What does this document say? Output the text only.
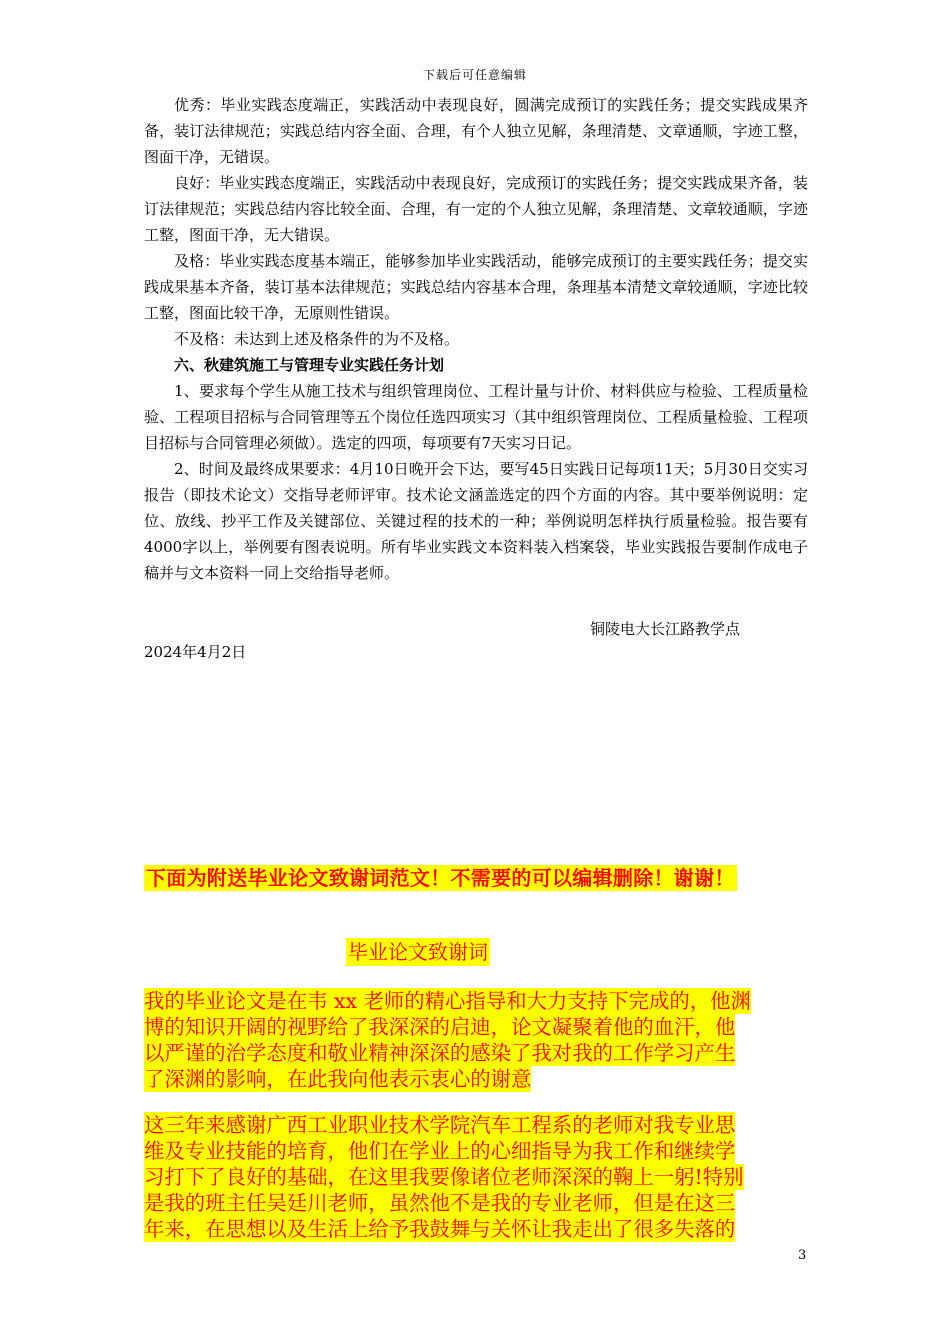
下载后可任意编辑

优秀：毕业实践态度端正，实践活动中表现良好，圆满完成预订的实践任务；提交实践成果齐备，装订法律规范；实践总结内容全面、合理，有个人独立见解，条理清楚、文章通顺，字迹工整，图面干净，无错误。

良好：毕业实践态度端正，实践活动中表现良好，完成预订的实践任务；提交实践成果齐备，装订法律规范；实践总结内容比较全面、合理，有一定的个人独立见解，条理清楚、文章较通顺，字迹工整，图面干净，无大错误。

及格：毕业实践态度基本端正，能够参加毕业实践活动，能够完成预订的主要实践任务；提交实践成果基本齐备，装订基本法律规范；实践总结内容基本合理，条理基本清楚文章较通顺，字迹比较工整，图面比较干净，无原则性错误。

不及格：未达到上述及格条件的为不及格。

六、秋建筑施工与管理专业实践任务计划

1、要求每个学生从施工技术与组织管理岗位、工程计量与计价、材料供应与检验、工程质量检验、工程项目招标与合同管理等五个岗位任选四项实习（其中组织管理岗位、工程质量检验、工程项目招标与合同管理必须做）。选定的四项，每项要有7天实习日记。

2、时间及最终成果要求：4月10日晚开会下达，要写45日实践日记每项11天；5月30日交实习报告（即技术论文）交指导老师评审。技术论文涵盖选定的四个方面的内容。其中要举例说明：定位、放线、抄平工作及关键部位、关键过程的技术的一种；举例说明怎样执行质量检验。报告要有4000字以上，举例要有图表说明。所有毕业实践文本资料装入档案袋，毕业实践报告要制作成电子稿并与文本资料一同上交给指导老师。

铜陵电大长江路教学点
2024年4月2日
下面为附送毕业论文致谢词范文！不需要的可以编辑删除！谢谢！
毕业论文致谢词
我的毕业论文是在韦 xx 老师的精心指导和大力支持下完成的，他渊
博的知识开阔的视野给了我深深的启迪，论文凝聚着他的血汗，他
以严谨的治学态度和敬业精神深深的感染了我对我的工作学习产生
了深渊的影响，在此我向他表示衷心的谢意
这三年来感谢广西工业职业技术学院汽车工程系的老师对我专业思
维及专业技能的培育，他们在学业上的心细指导为我工作和继续学
习打下了良好的基础，在这里我要像诸位老师深深的鞠上一躬!特别
是我的班主任吴廷川老师，虽然他不是我的专业老师，但是在这三
年来，在思想以及生活上给予我鼓舞与关怀让我走出了很多失落的
3
